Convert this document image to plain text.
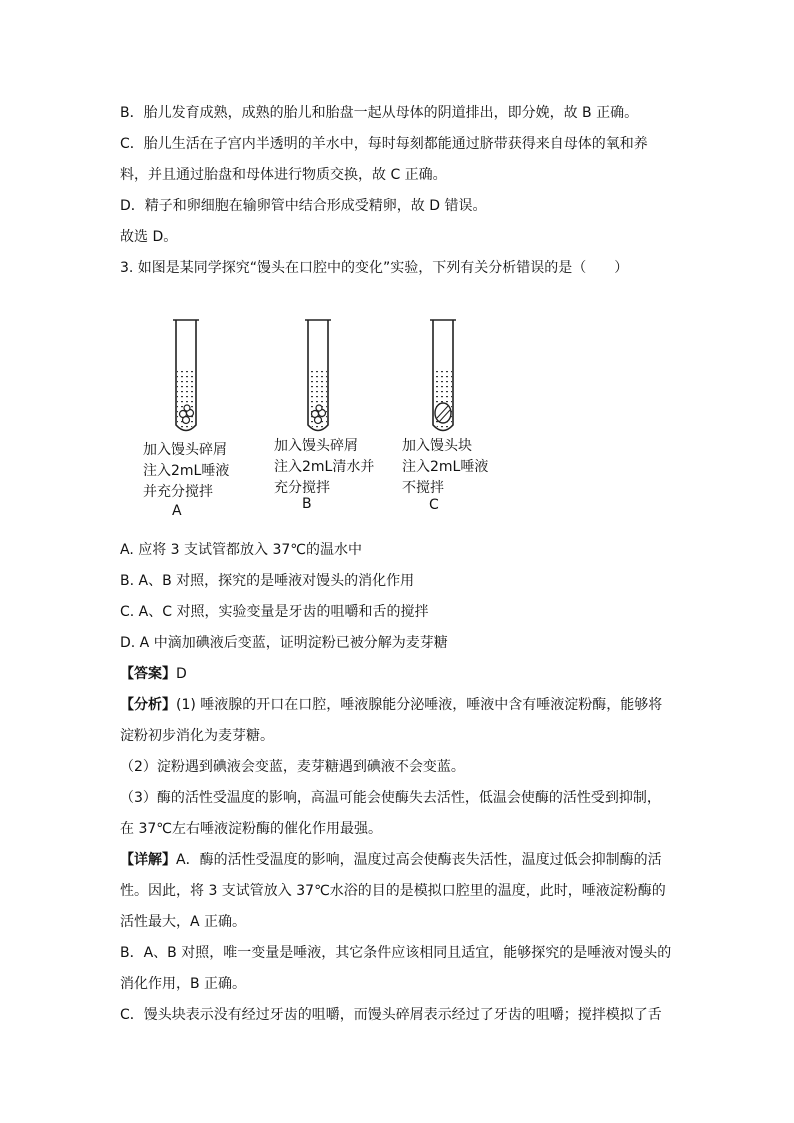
B．胎儿发育成熟，成熟的胎儿和胎盘一起从母体的阴道排出，即分娩，故 B 正确。
C．胎儿生活在子宫内半透明的羊水中，每时每刻都能通过脐带获得来自母体的氧和养
料，并且通过胎盘和母体进行物质交换，故 C 正确。
D．精子和卵细胞在输卵管中结合形成受精卵，故 D 错误。
故选 D。
3. 如图是某同学探究“馒头在口腔中的变化”实验，下列有关分析错误的是（　　）
加入馒头碎屑
注入2mL唾液
并充分搅拌
A
加入馒头碎屑
注入2mL清水并
充分搅拌
B
加入馒头块
注入2mL唾液
不搅拌
C
A. 应将 3 支试管都放入 37℃的温水中
B. A、B 对照，探究的是唾液对馒头的消化作用
C. A、C 对照，实验变量是牙齿的咀嚼和舌的搅拌
D. A 中滴加碘液后变蓝，证明淀粉已被分解为麦芽糖
【答案】D
【分析】(1) 唾液腺的开口在口腔，唾液腺能分泌唾液，唾液中含有唾液淀粉酶，能够将
淀粉初步消化为麦芽糖。
（2）淀粉遇到碘液会变蓝，麦芽糖遇到碘液不会变蓝。
（3）酶的活性受温度的影响，高温可能会使酶失去活性，低温会使酶的活性受到抑制，
在 37℃左右唾液淀粉酶的催化作用最强。
【详解】A．酶的活性受温度的影响，温度过高会使酶丧失活性，温度过低会抑制酶的活
性。因此，将 3 支试管放入 37℃水浴的目的是模拟口腔里的温度，此时，唾液淀粉酶的
活性最大，A 正确。
B．A、B 对照，唯一变量是唾液，其它条件应该相同且适宜，能够探究的是唾液对馒头的
消化作用，B 正确。
C．馒头块表示没有经过牙齿的咀嚼，而馒头碎屑表示经过了牙齿的咀嚼；搅拌模拟了舌
